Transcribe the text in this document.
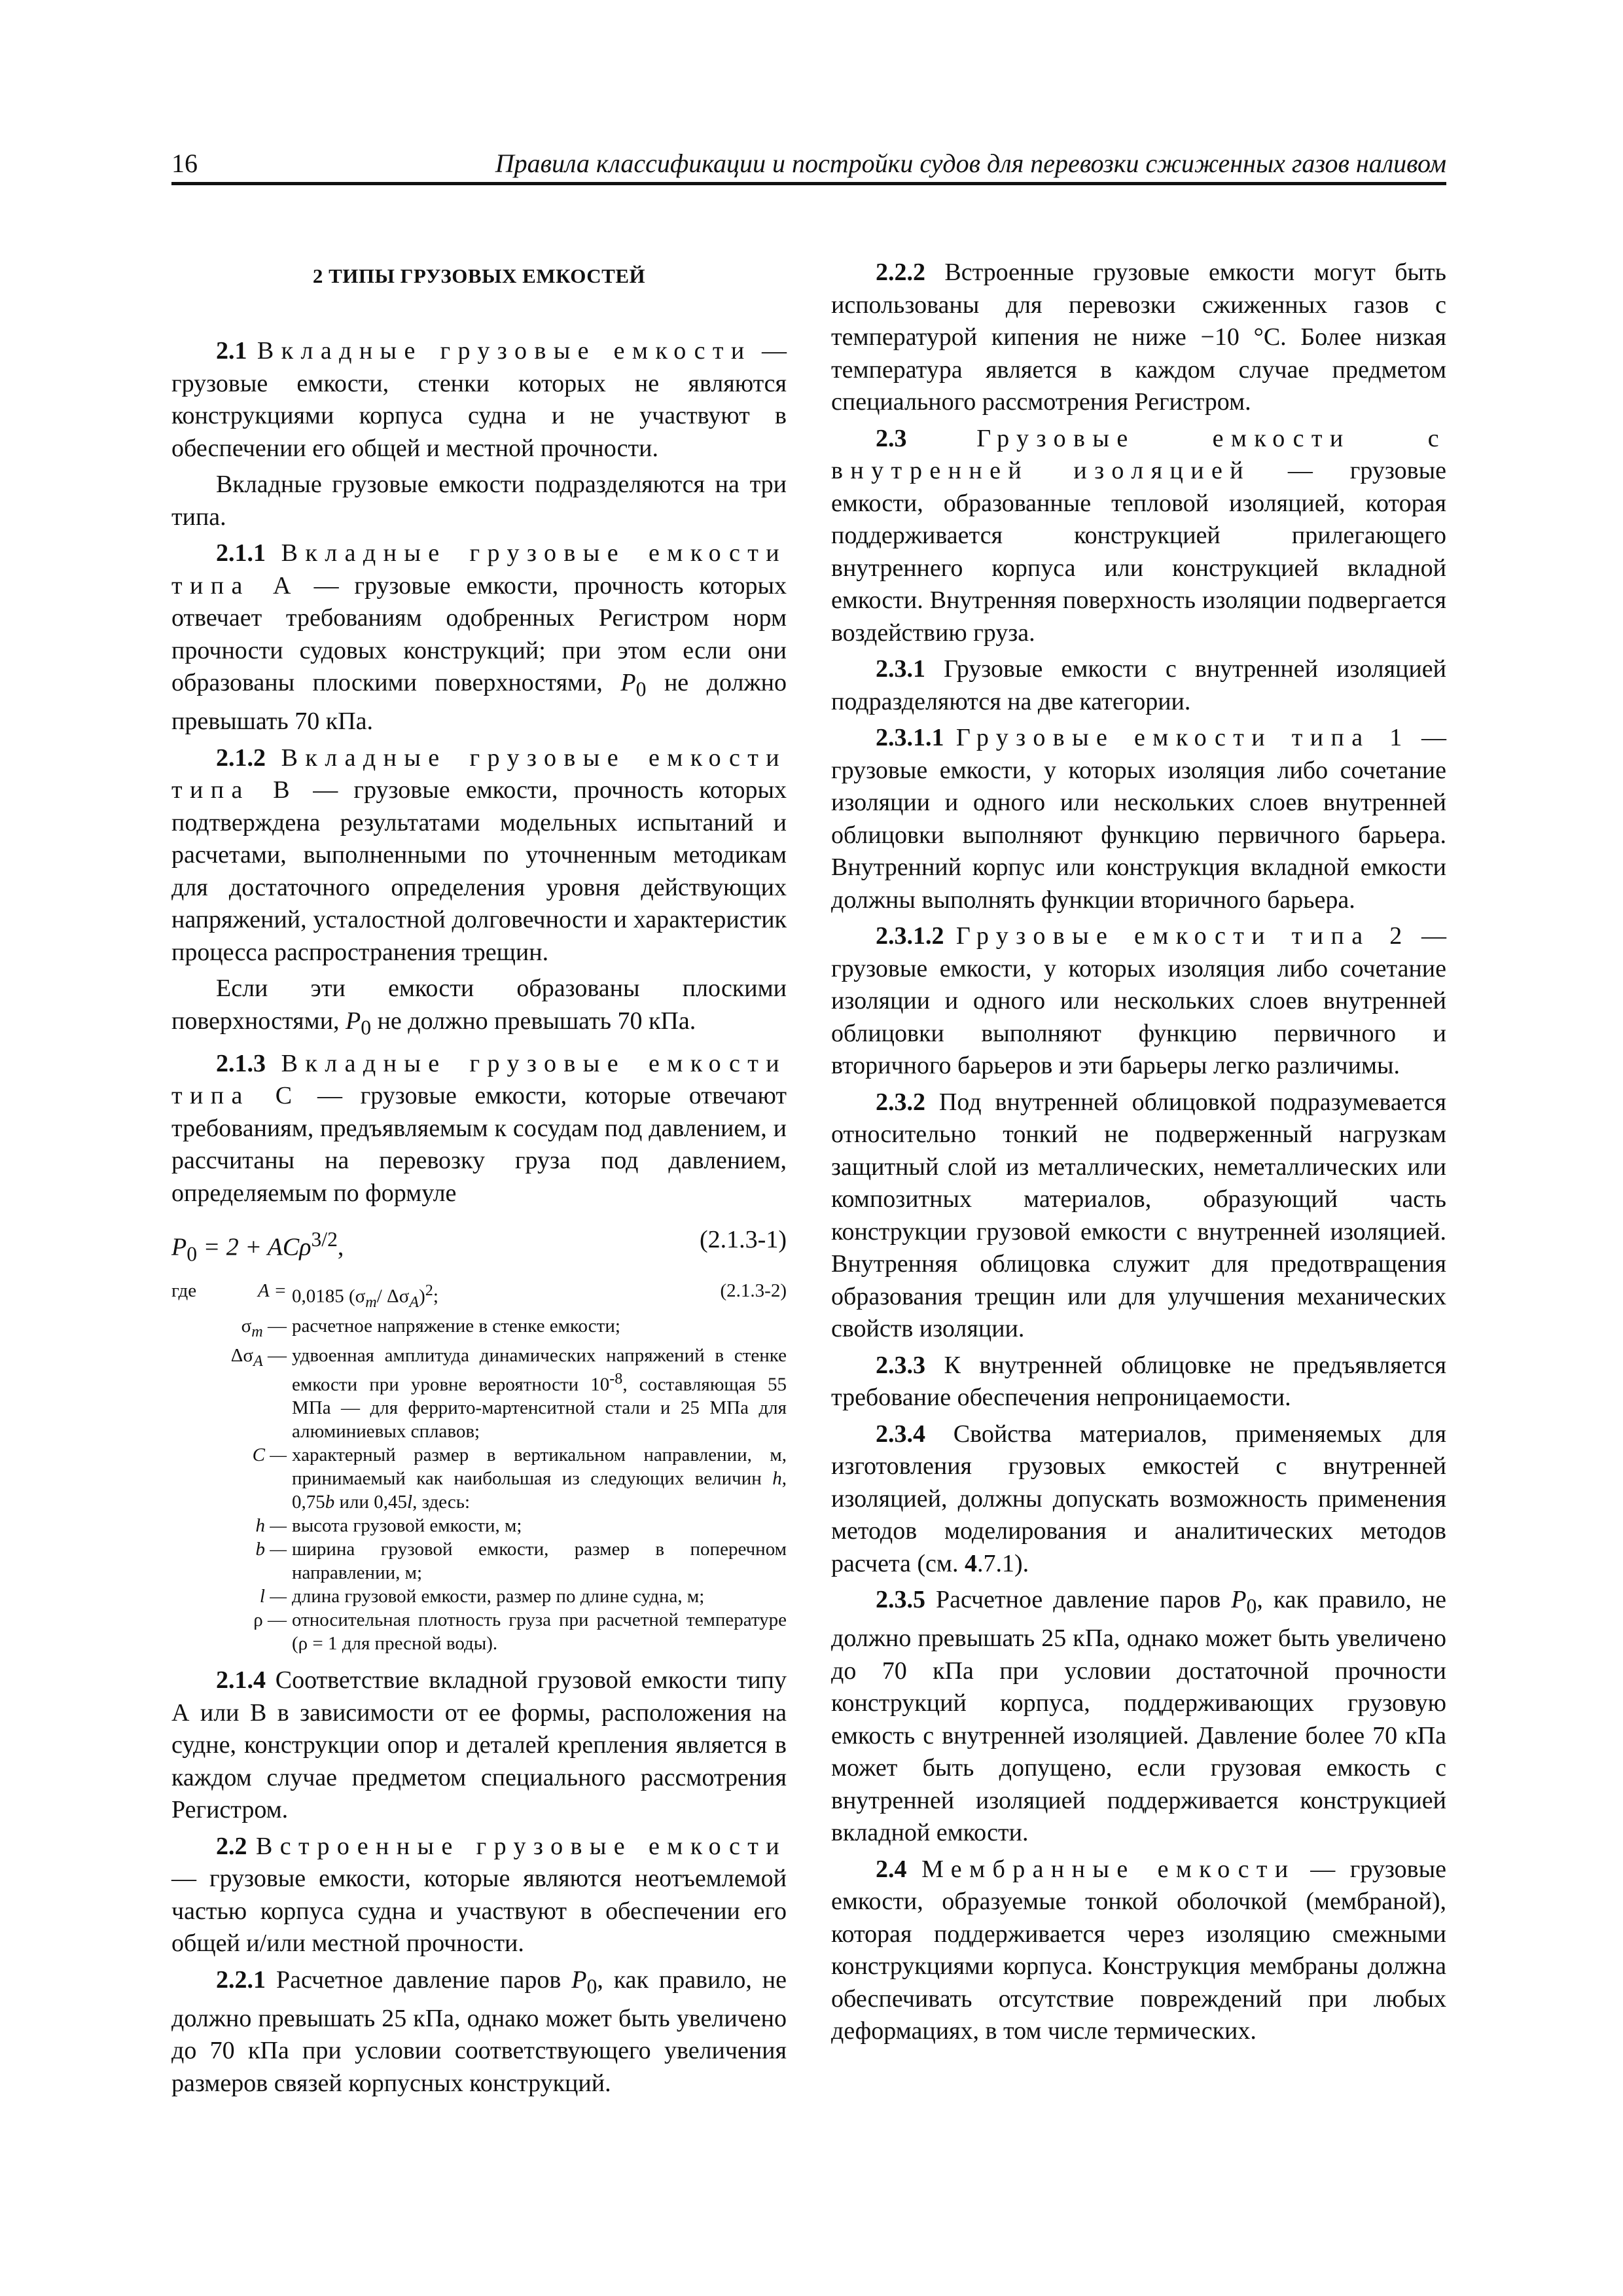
16	Правила классификации и постройки судов для перевозки сжиженных газов наливом
2 ТИПЫ ГРУЗОВЫХ ЕМКОСТЕЙ

2.1 Вкладные грузовые емкости — грузовые емкости, стенки которых не являются конструкциями корпуса судна и не участвуют в обеспечении его общей и местной прочности.

Вкладные грузовые емкости подразделяются на три типа.

2.1.1 Вкладные грузовые емкости типа А — грузовые емкости, прочность которых отвечает требованиям одобренных Регистром норм прочности судовых конструкций; при этом если они образованы плоскими поверхностями, $P_0$ не должно превышать 70 кПа.

2.1.2 Вкладные грузовые емкости типа В — грузовые емкости, прочность которых подтверждена результатами модельных испытаний и расчетами, выполненными по уточненным методикам для достаточного определения уровня действующих напряжений, усталостной долговечности и характеристик процесса распространения трещин.

Если эти емкости образованы плоскими поверхностями, $P_0$ не должно превышать 70 кПа.

2.1.3 Вкладные грузовые емкости типа С — грузовые емкости, которые отвечают требованиям, предъявляемым к сосудам под давлением, и рассчитаны на перевозку груза под давлением, определяемым по формуле

$P_0 = 2 + AC\rho^{3/2}$,	(2.1.3-1)
где	A = 0,0185 ($\sigma_m/$ $\Delta\sigma_A)^2$;	(2.1.3-2)
$\sigma_m$ — расчетное напряжение в стенке емкости;
$\Delta\sigma_A$ — удвоенная амплитуда динамических напряжений в стенке емкости при уровне вероятности $10^{-8}$, составляющая 55 МПа — для феррито-мартенситной стали и 25 МПа для алюминиевых сплавов;
C — характерный размер в вертикальном направлении, м, принимаемый как наибольшая из следующих величин h, 0,75b или 0,45l, здесь:
h — высота грузовой емкости, м;
b — ширина грузовой емкости, размер в поперечном направлении, м;
l — длина грузовой емкости, размер по длине судна, м;
ρ — относительная плотность груза при расчетной температуре (ρ = 1 для пресной воды).

2.1.4 Соответствие вкладной грузовой емкости типу А или В в зависимости от ее формы, расположения на судне, конструкции опор и деталей крепления является в каждом случае предметом специального рассмотрения Регистром.

2.2 Встроенные грузовые емкости — грузовые емкости, которые являются неотъемлемой частью корпуса судна и участвуют в обеспечении его общей и/или местной прочности.

2.2.1 Расчетное давление паров $P_0$, как правило, не должно превышать 25 кПа, однако может быть увеличено до 70 кПа при условии соответствующего увеличения размеров связей корпусных конструкций.

2.2.2 Встроенные грузовые емкости могут быть использованы для перевозки сжиженных газов с температурой кипения не ниже −10 °С. Более низкая температура является в каждом случае предметом специального рассмотрения Регистром.

2.3	Грузовые емкости с внутренней изоляцией — грузовые емкости, образованные тепловой изоляцией, которая поддерживается конструкцией прилегающего внутреннего корпуса или конструкцией вкладной емкости. Внутренняя поверхность изоляции подвергается воздействию груза.

2.3.1 Грузовые емкости с внутренней изоляцией подразделяются на две категории.

2.3.1.1 Грузовые емкости типа 1 — грузовые емкости, у которых изоляция либо сочетание изоляции и одного или нескольких слоев внутренней облицовки выполняют функцию первичного барьера. Внутренний корпус или конструкция вкладной емкости должны выполнять функции вторичного барьера.

2.3.1.2 Грузовые емкости типа 2 — грузовые емкости, у которых изоляция либо сочетание изоляции и одного или нескольких слоев внутренней облицовки выполняют функцию первичного и вторичного барьеров и эти барьеры легко различимы.

2.3.2 Под внутренней облицовкой подразумевается относительно тонкий не подверженный нагрузкам защитный слой из металлических, неметаллических или композитных материалов, образующий часть конструкции грузовой емкости с внутренней изоляцией. Внутренняя облицовка служит для предотвращения образования трещин или для улучшения механических свойств изоляции.

2.3.3 К внутренней облицовке не предъявляется требование обеспечения непроницаемости.

2.3.4 Свойства материалов, применяемых для изготовления грузовых емкостей с внутренней изоляцией, должны допускать возможность применения методов моделирования и аналитических методов расчета (см. 4.7.1).

2.3.5 Расчетное давление паров $P_0$, как правило, не должно превышать 25 кПа, однако может быть увеличено до 70 кПа при условии достаточной прочности конструкций корпуса, поддерживающих грузовую емкость с внутренней изоляцией. Давление более 70 кПа может быть допущено, если грузовая емкость с внутренней изоляцией поддерживается конструкцией вкладной емкости.

2.4 Мембранные емкости — грузовые емкости, образуемые тонкой оболочкой (мембраной), которая поддерживается через изоляцию смежными конструкциями корпуса. Конструкция мембраны должна обеспечивать отсутствие повреждений при любых деформациях, в том числе термических.
